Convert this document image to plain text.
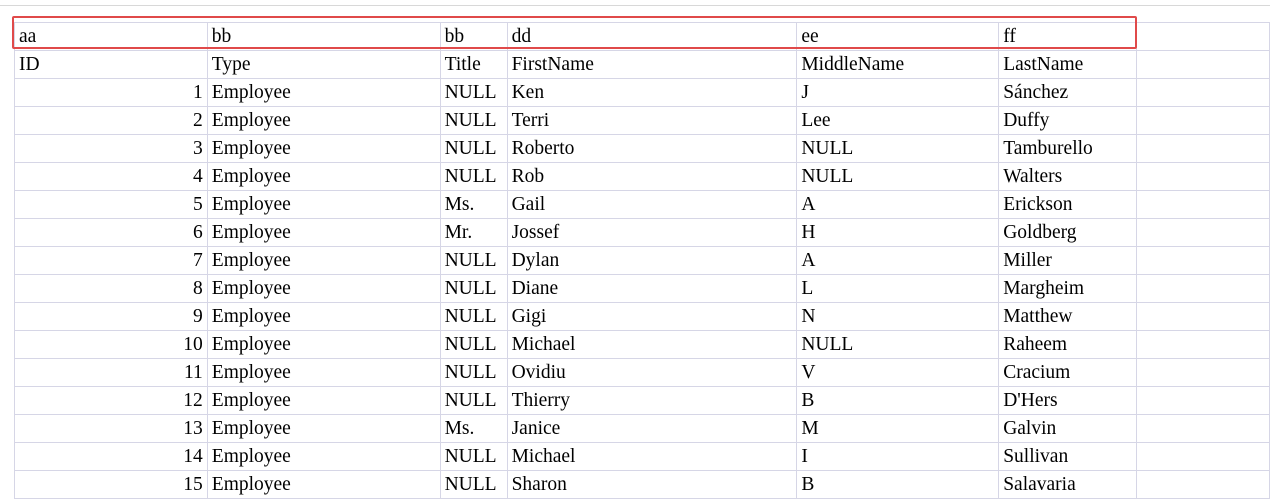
aa	bb	bb	dd	ee	ff	
ID	Type	Title	FirstName	MiddleName	LastName	
1	Employee	NULL	Ken	J	Sánchez	
2	Employee	NULL	Terri	Lee	Duffy	
3	Employee	NULL	Roberto	NULL	Tamburello	
4	Employee	NULL	Rob	NULL	Walters	
5	Employee	Ms.	Gail	A	Erickson	
6	Employee	Mr.	Jossef	H	Goldberg	
7	Employee	NULL	Dylan	A	Miller	
8	Employee	NULL	Diane	L	Margheim	
9	Employee	NULL	Gigi	N	Matthew	
10	Employee	NULL	Michael	NULL	Raheem	
11	Employee	NULL	Ovidiu	V	Cracium	
12	Employee	NULL	Thierry	B	D'Hers	
13	Employee	Ms.	Janice	M	Galvin	
14	Employee	NULL	Michael	I	Sullivan	
15	Employee	NULL	Sharon	B	Salavaria	
